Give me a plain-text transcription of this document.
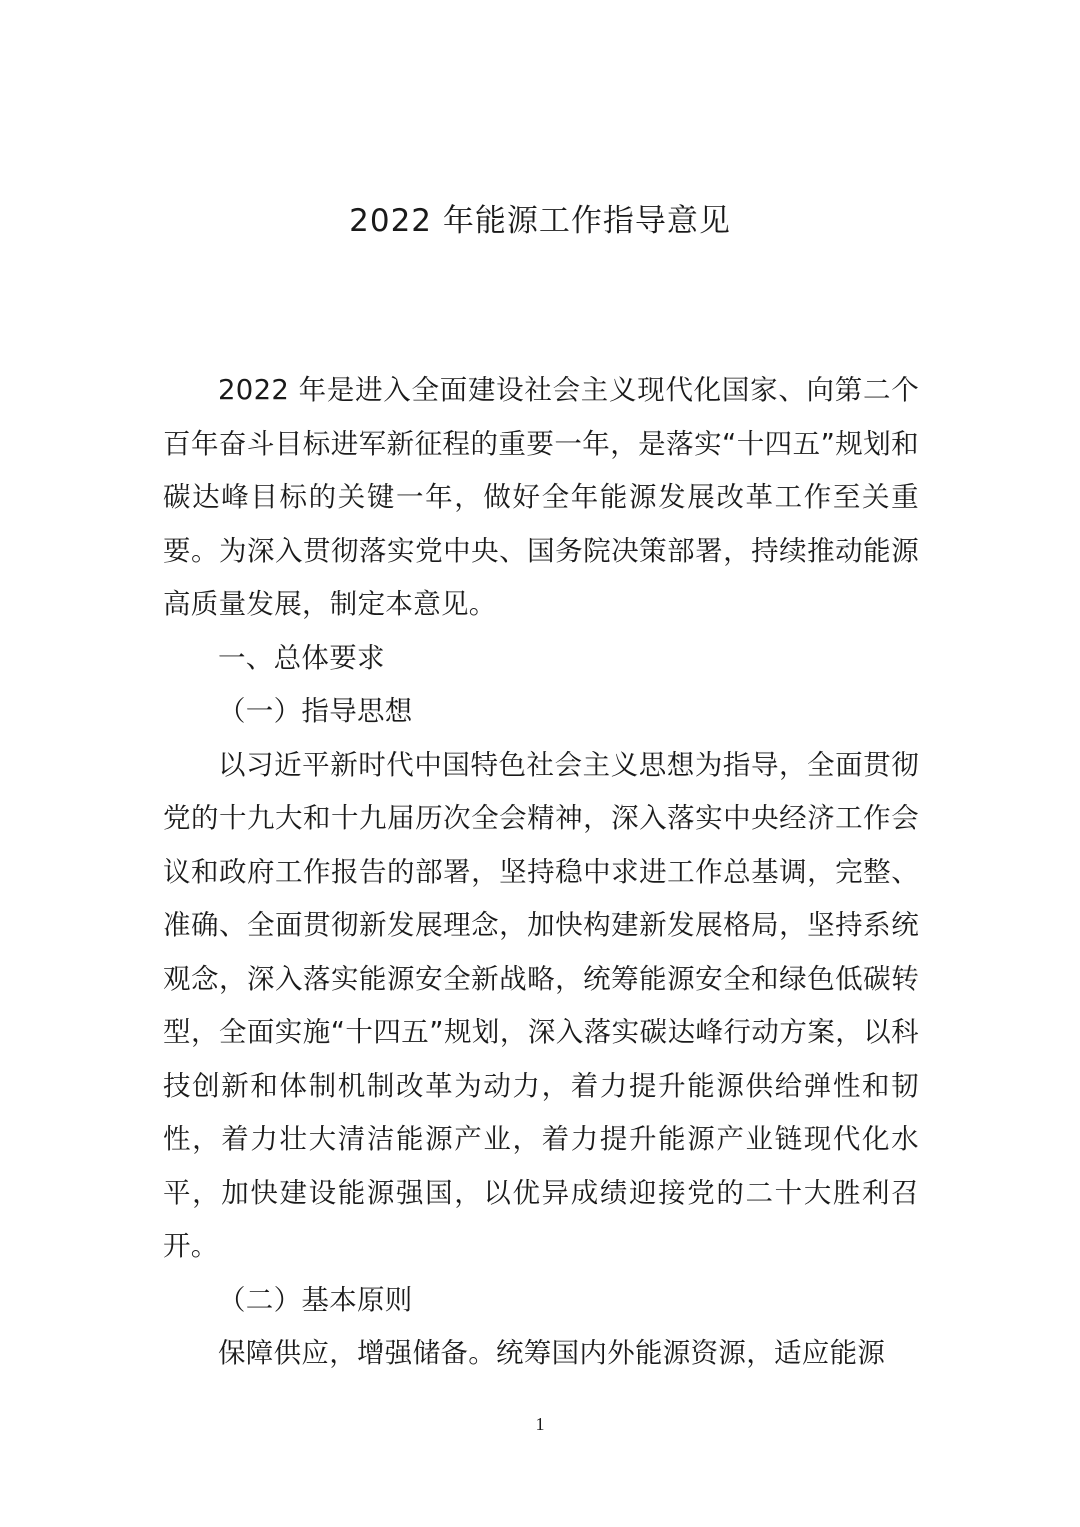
2022 年能源工作指导意见

2022 年是进入全面建设社会主义现代化国家、向第二个百年奋斗目标进军新征程的重要一年，是落实“十四五”规划和碳达峰目标的关键一年，做好全年能源发展改革工作至关重要。为深入贯彻落实党中央、国务院决策部署，持续推动能源高质量发展，制定本意见。

一、总体要求

（一）指导思想

以习近平新时代中国特色社会主义思想为指导，全面贯彻党的十九大和十九届历次全会精神，深入落实中央经济工作会议和政府工作报告的部署，坚持稳中求进工作总基调，完整、准确、全面贯彻新发展理念，加快构建新发展格局，坚持系统观念，深入落实能源安全新战略，统筹能源安全和绿色低碳转型，全面实施“十四五”规划，深入落实碳达峰行动方案，以科技创新和体制机制改革为动力，着力提升能源供给弹性和韧性，着力壮大清洁能源产业，着力提升能源产业链现代化水平，加快建设能源强国，以优异成绩迎接党的二十大胜利召开。

（二）基本原则

保障供应，增强储备。统筹国内外能源资源，适应能源

1
